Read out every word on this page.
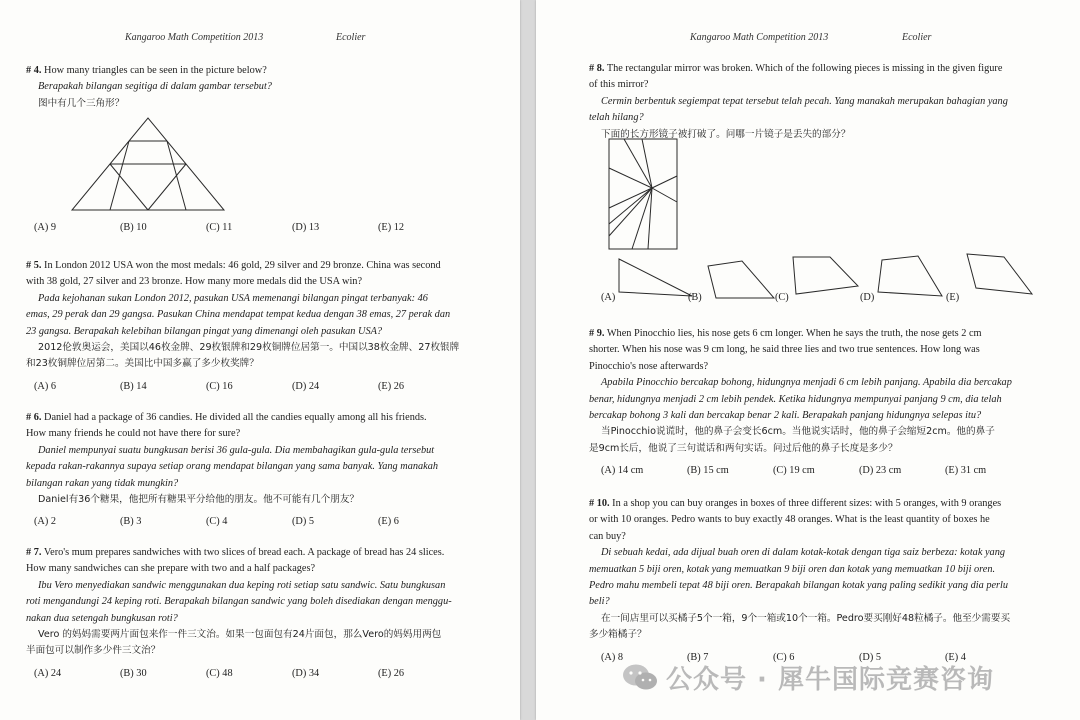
Kangaroo Math Competition 2013	Ecolier

# 4. How many triangles can be seen in the picture below?

Berapakah bilangan segitiga di dalam gambar tersebut?

图中有几个三角形？

(A) 9	(B) 10	(C) 11	(D) 13	(E) 12

# 5. In London 2012 USA won the most medals: 46 gold, 29 silver and 29 bronze. China was second

with 38 gold, 27 silver and 23 bronze. How many more medals did the USA win?

Pada kejohanan sukan London 2012, pasukan USA memenangi bilangan pingat terbanyak: 46

emas, 29 perak dan 29 gangsa. Pasukan China mendapat tempat kedua dengan 38 emas, 27 perak dan

23 gangsa. Berapakah kelebihan bilangan pingat yang dimenangi oleh pasukan USA?

2012伦敦奥运会，美国以46枚金牌、29枚银牌和29枚铜牌位居第一。中国以38枚金牌、27枚银牌

和23枚铜牌位居第二。美国比中国多赢了多少枚奖牌？

(A) 6	(B) 14	(C) 16	(D) 24	(E) 26

# 6. Daniel had a package of 36 candies. He divided all the candies equally among all his friends.

How many friends he could not have there for sure?

Daniel mempunyai suatu bungkusan berisi 36 gula-gula. Dia membahagikan gula-gula tersebut

kepada rakan-rakannya supaya setiap orang mendapat bilangan yang sama banyak. Yang manakah

bilangan rakan yang tidak mungkin?

Daniel有36个糖果，他把所有糖果平分给他的朋友。他不可能有几个朋友？

(A) 2	(B) 3	(C) 4	(D) 5	(E) 6

# 7. Vero's mum prepares sandwiches with two slices of bread each. A package of bread has 24 slices.

How many sandwiches can she prepare with two and a half packages?

Ibu Vero menyediakan sandwic menggunakan dua keping roti setiap satu sandwic. Satu bungkusan

roti mengandungi 24 keping roti. Berapakah bilangan sandwic yang boleh disediakan dengan menggu-

nakan dua setengah bungkusan roti?

Vero 的妈妈需要两片面包来作一件三文治。如果一包面包有24片面包，那么Vero的妈妈用两包

半面包可以制作多少件三文治？

(A) 24	(B) 30	(C) 48	(D) 34	(E) 26
Kangaroo Math Competition 2013	Ecolier

# 8. The rectangular mirror was broken. Which of the following pieces is missing in the given figure

of this mirror?

Cermin berbentuk segiempat tepat tersebut telah pecah. Yang manakah merupakan bahagian yang

telah hilang?

下面的长方形镜子被打破了。问哪一片镜子是丢失的部分？

(A)	(B)	(C)	(D)	(E)

# 9. When Pinocchio lies, his nose gets 6 cm longer. When he says the truth, the nose gets 2 cm

shorter. When his nose was 9 cm long, he said three lies and two true sentences. How long was

Pinocchio's nose afterwards?

Apabila Pinocchio bercakap bohong, hidungnya menjadi 6 cm lebih panjang. Apabila dia bercakap

benar, hidungnya menjadi 2 cm lebih pendek. Ketika hidungnya mempunyai panjang 9 cm, dia telah

bercakap bohong 3 kali dan bercakap benar 2 kali. Berapakah panjang hidungnya selepas itu?

当Pinocchio说谎时，他的鼻子会变长6cm。当他说实话时，他的鼻子会缩短2cm。他的鼻子

是9cm长后，他说了三句谎话和两句实话。问过后他的鼻子长度是多少？

(A) 14 cm	(B) 15 cm	(C) 19 cm	(D) 23 cm	(E) 31 cm

# 10. In a shop you can buy oranges in boxes of three different sizes: with 5 oranges, with 9 oranges

or with 10 oranges. Pedro wants to buy exactly 48 oranges. What is the least quantity of boxes he

can buy?

Di sebuah kedai, ada dijual buah oren di dalam kotak-kotak dengan tiga saiz berbeza: kotak yang

memuatkan 5 biji oren, kotak yang memuatkan 9 biji oren dan kotak yang memuatkan 10 biji oren.

Pedro mahu membeli tepat 48 biji oren. Berapakah bilangan kotak yang paling sedikit yang dia perlu

beli?

在一间店里可以买橘子5个一箱，9个一箱或10个一箱。Pedro要买刚好48粒橘子。他至少需要买

多少箱橘子？

(A) 8	(B) 7	(C) 6	(D) 5	(E) 4
公众号 · 犀牛国际竞赛咨询
